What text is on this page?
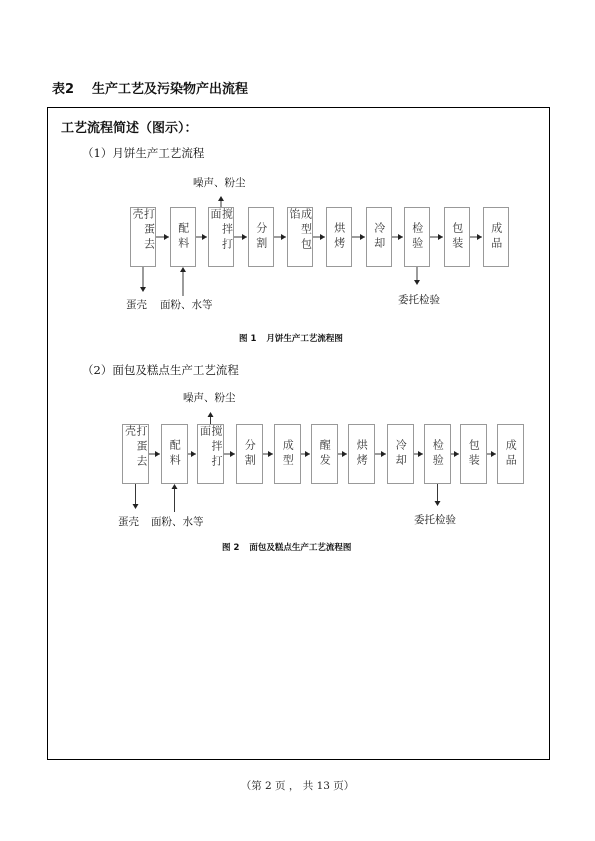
表2 生产工艺及污染物产出流程
工艺流程简述（图示）：
（1）月饼生产工艺流程
噪声、粉尘
蛋壳 面粉、水等	委托检验
图 1 月饼生产工艺流程图
打蛋去壳
配料	搅拌打面
分割	成型包馅
烘烤 冷却 检验 包装 成品
（2）面包及糕点生产工艺流程
噪声、粉尘
蛋壳 面粉、水等	委托检验
图 2 面包及糕点生产工艺流程图
打蛋去壳
配料	搅拌打面
分割 成型 醒发 烘烤 冷却 检验 包装 成品
（第 2 页 ， 共 13 页）
